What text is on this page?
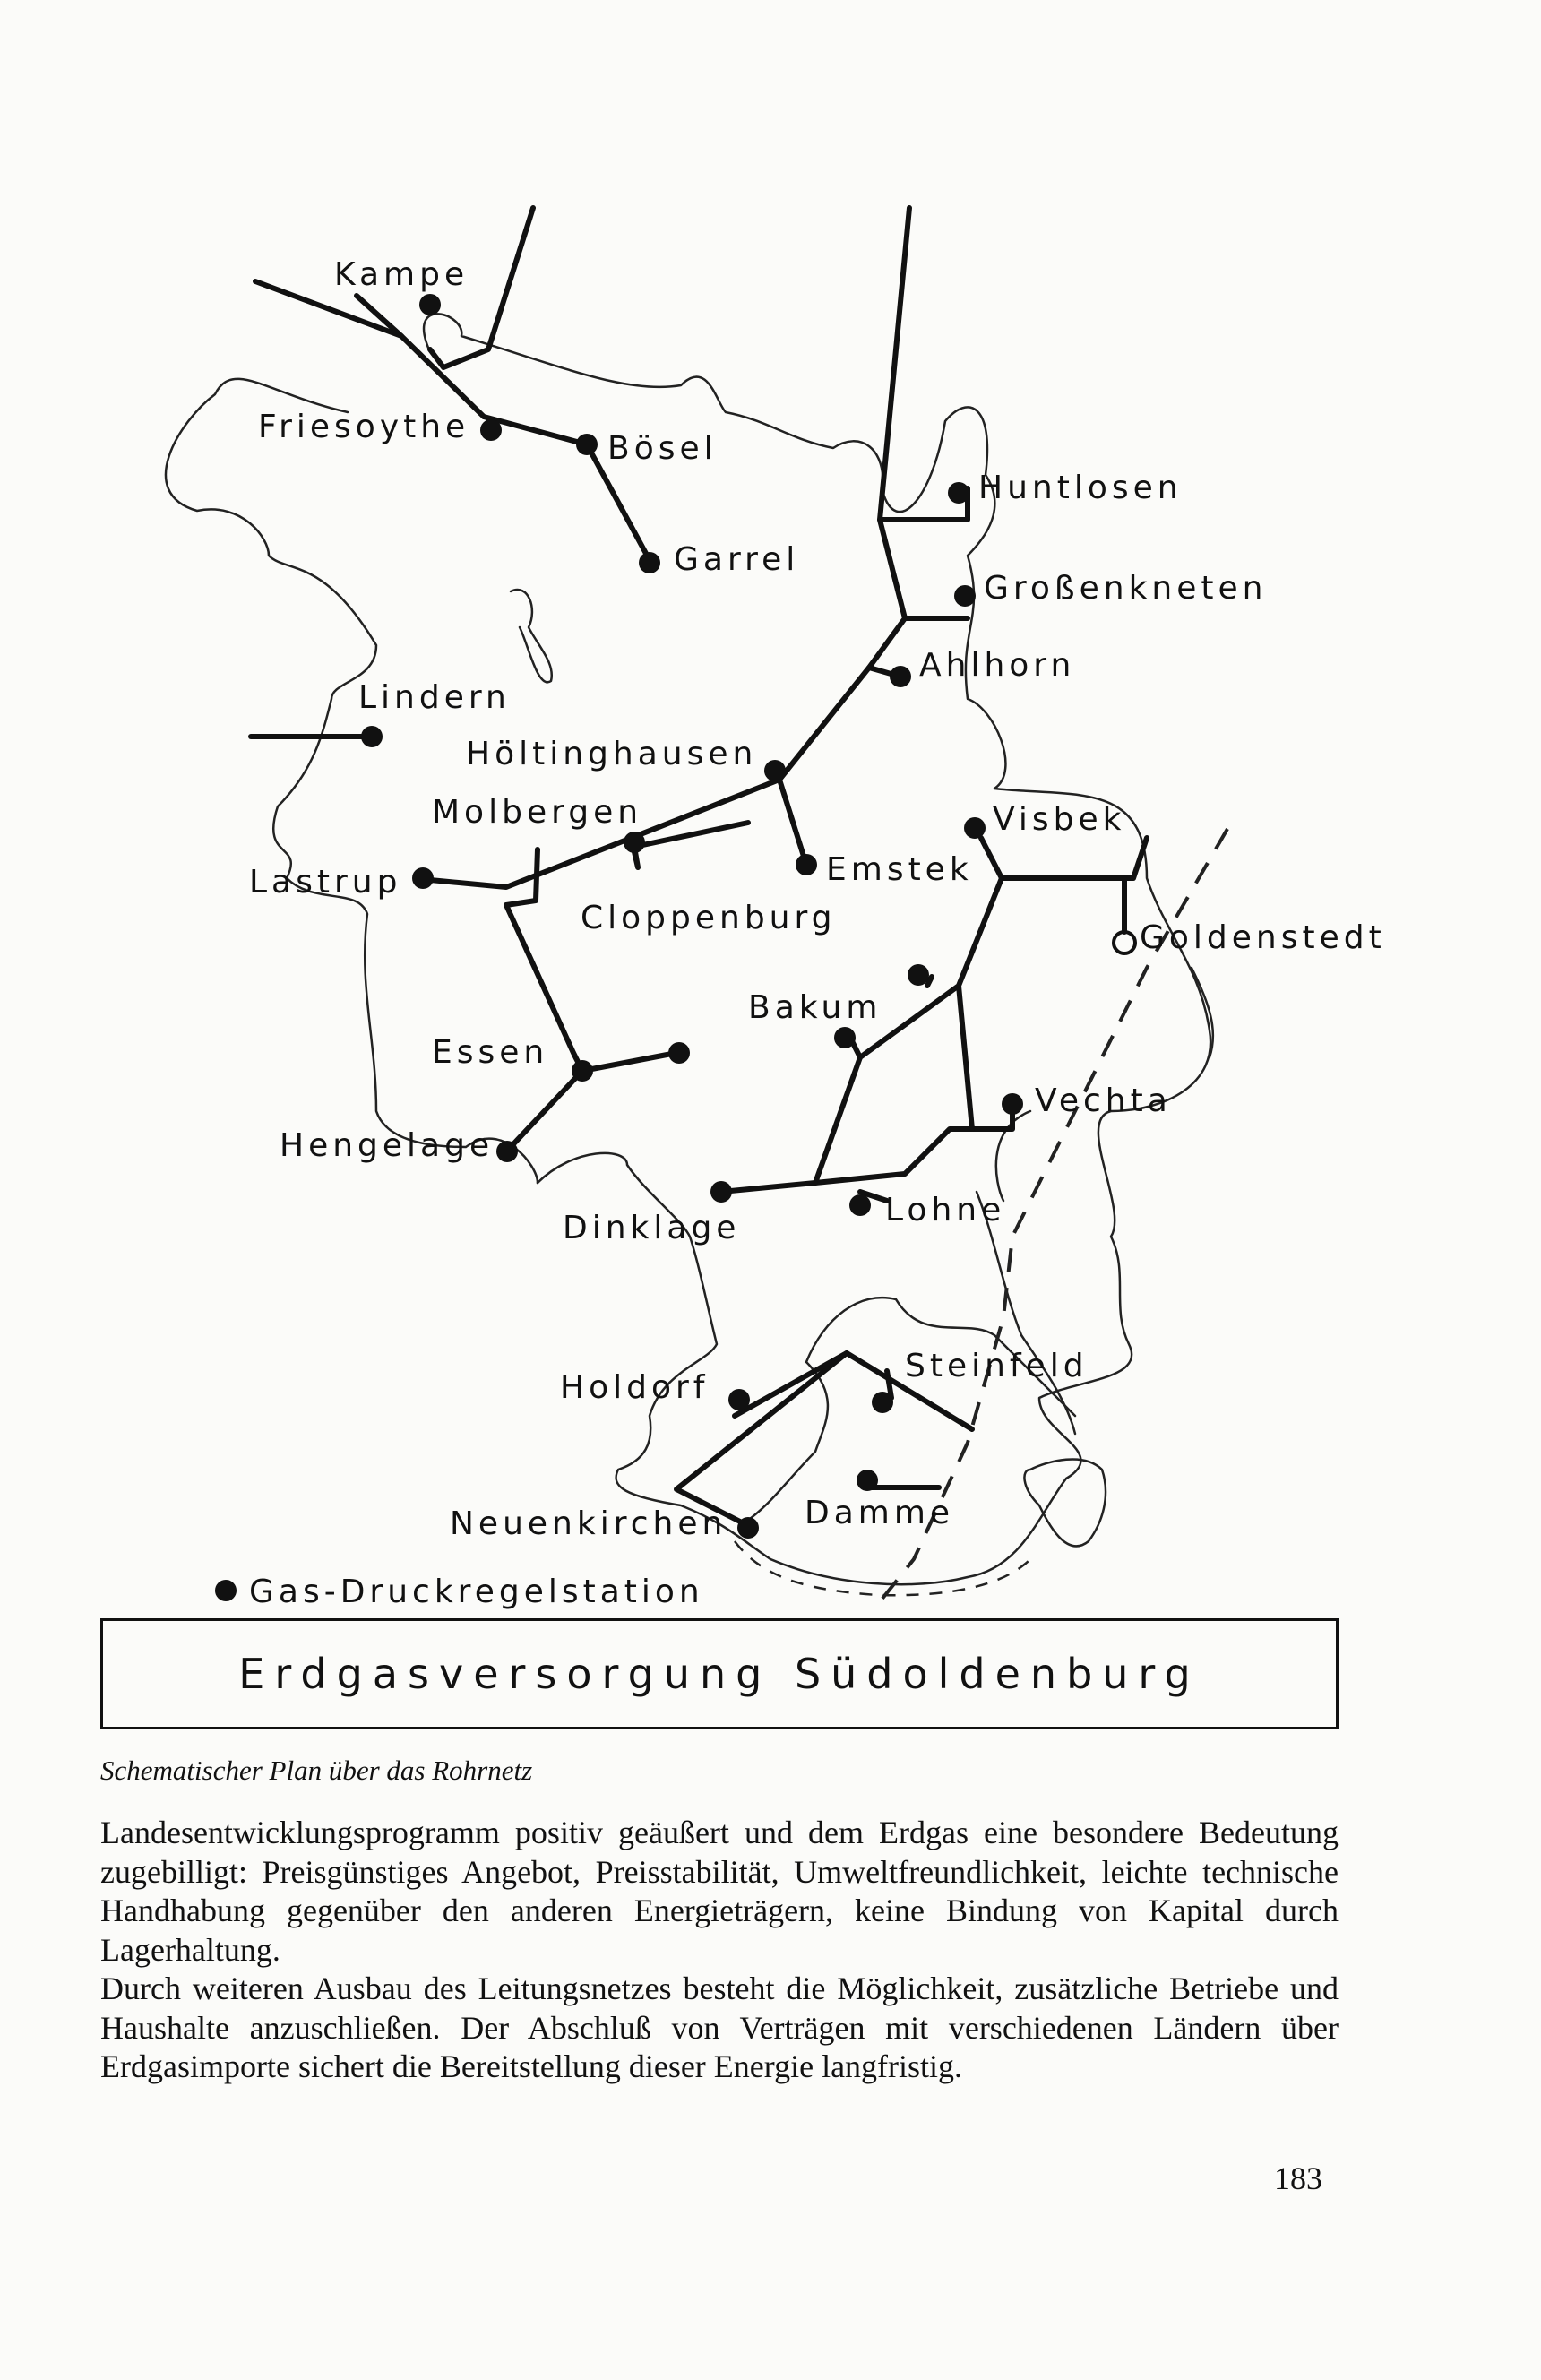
Kampe
Friesoythe
Bösel
Garrel
Huntlosen
Großenkneten
Ahlhorn
Lindern
Höltinghausen
Molbergen
Emstek
Visbek
Lastrup
Cloppenburg
Goldenstedt
Bakum
Essen
Vechta
Hengelage
Dinklage	Lohne
Steinfeld
Holdorf
Neuenkirchen Damme
Gas-Druckregelstation
Erdgasversorgung Südoldenburg
Schematischer Plan über das Rohrnetz

Landesentwicklungsprogramm positiv geäußert und dem Erdgas eine besondere Bedeutung zugebilligt: Preisgünstiges Angebot, Preisstabilität, Umweltfreundlichkeit, leichte technische Handhabung gegenüber den anderen Energieträgern, keine Bindung von Kapital durch Lagerhaltung.

Durch weiteren Ausbau des Leitungsnetzes besteht die Möglichkeit, zusätzliche Betriebe und Haushalte anzuschließen. Der Abschluß von Verträgen mit verschiedenen Ländern über Erdgasimporte sichert die Bereitstellung dieser Energie langfristig.

183
